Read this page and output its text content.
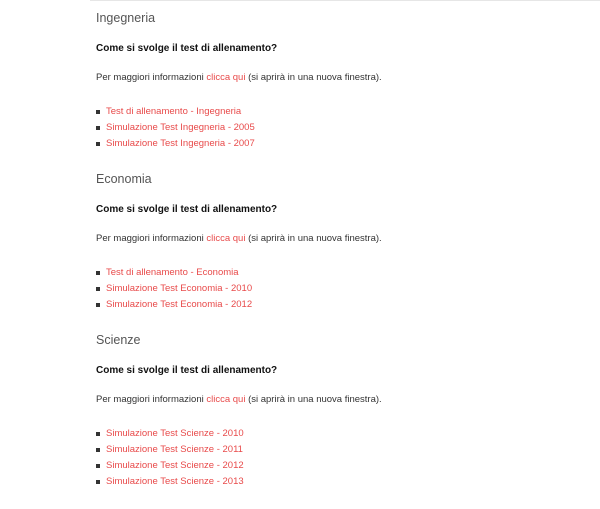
Ingegneria

Come si svolge il test di allenamento?

Per maggiori informazioni clicca qui (si aprirà in una nuova finestra).

Test di allenamento - Ingegneria
Simulazione Test Ingegneria - 2005
Simulazione Test Ingegneria - 2007
Economia

Come si svolge il test di allenamento?

Per maggiori informazioni clicca qui (si aprirà in una nuova finestra).

Test di allenamento - Economia
Simulazione Test Economia - 2010
Simulazione Test Economia - 2012
Scienze

Come si svolge il test di allenamento?

Per maggiori informazioni clicca qui (si aprirà in una nuova finestra).

Simulazione Test Scienze - 2010
Simulazione Test Scienze - 2011
Simulazione Test Scienze - 2012
Simulazione Test Scienze - 2013
